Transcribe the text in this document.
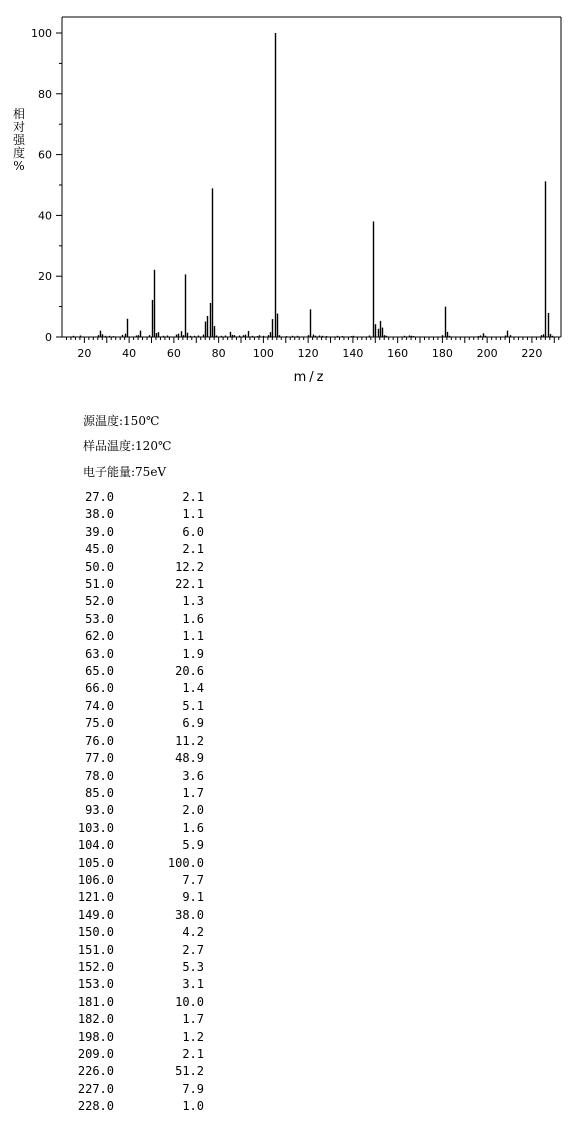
0
20
40
60
80
100
20	40	60	80 100 120 140 160 180 200 220
m/z
相
对
强
度
%
源温度:150℃
样品温度:120℃
电子能量:75eV
27.0	2.1
38.0	1.1
39.0	6.0
45.0	2.1
50.0	12.2
51.0	22.1
52.0	1.3
53.0	1.6
62.0	1.1
63.0	1.9
65.0	20.6
66.0	1.4
74.0	5.1
75.0	6.9
76.0	11.2
77.0	48.9
78.0	3.6
85.0	1.7
93.0	2.0
103.0	1.6
104.0	5.9
105.0	100.0
106.0	7.7
121.0	9.1
149.0	38.0
150.0	4.2
151.0	2.7
152.0	5.3
153.0	3.1
181.0	10.0
182.0	1.7
198.0	1.2
209.0	2.1
226.0	51.2
227.0	7.9
228.0	1.0
